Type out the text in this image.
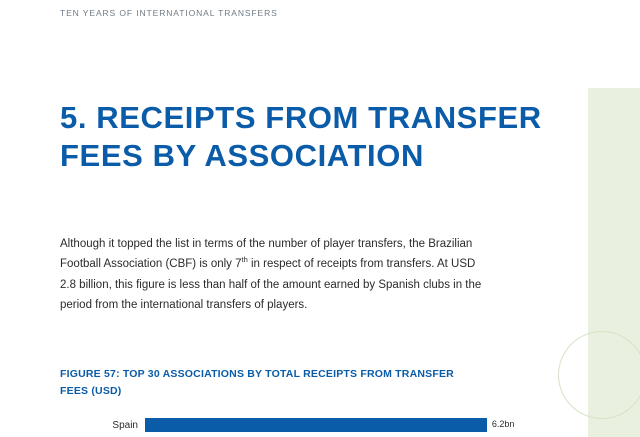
TEN YEARS OF INTERNATIONAL TRANSFERS
5. RECEIPTS FROM TRANSFER FEES BY ASSOCIATION

Although it topped the list in terms of the number of player transfers, the Brazilian Football Association (CBF) is only 7th in respect of receipts from transfers. At USD 2.8 billion, this figure is less than half of the amount earned by Spanish clubs in the period from the international transfers of players.

FIGURE 57: TOP 30 ASSOCIATIONS BY TOTAL RECEIPTS FROM TRANSFER FEES (USD)
Spain	6.2bn
